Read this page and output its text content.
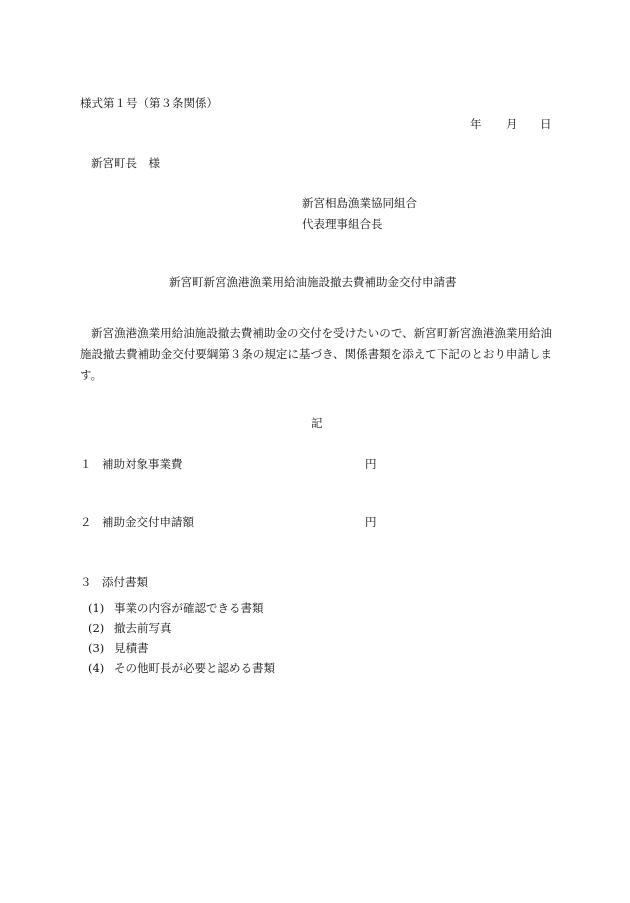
様式第１号（第３条関係）
年	月	日
新宮町長　様
新宮相島漁業協同組合
代表理事組合長
新宮町新宮漁港漁業用給油施設撤去費補助金交付申請書
新宮漁港漁業用給油施設撤去費補助金の交付を受けたいので、新宮町新宮漁港漁業用給油施設撤去費補助金交付要綱第３条の規定に基づき、関係書類を添えて下記のとおり申請します。
記
１ 補助対象事業費	円
２ 補助金交付申請額	円
３ 添付書類
(1) 事業の内容が確認できる書類
(2) 撤去前写真
(3) 見積書
(4) その他町長が必要と認める書類
